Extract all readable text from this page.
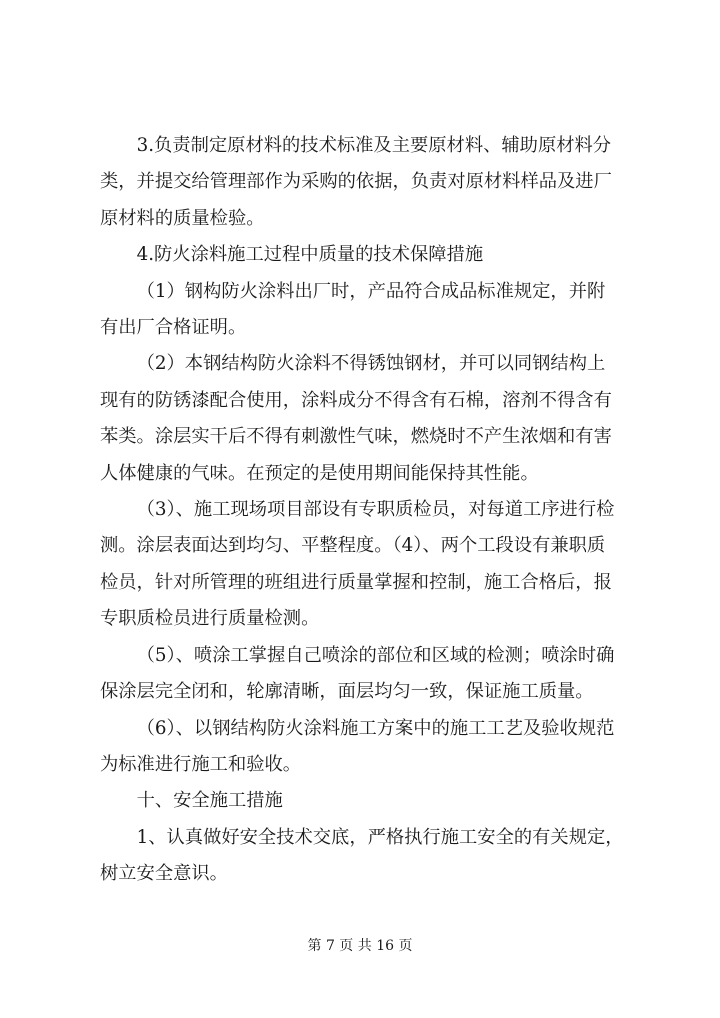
3.负责制定原材料的技术标准及主要原材料、辅助原材料分
类，并提交给管理部作为采购的依据，负责对原材料样品及进厂
原材料的质量检验。

4.防火涂料施工过程中质量的技术保障措施

（1）钢构防火涂料出厂时，产品符合成品标准规定，并附
有出厂合格证明。

（2）本钢结构防火涂料不得锈蚀钢材，并可以同钢结构上
现有的防锈漆配合使用，涂料成分不得含有石棉，溶剂不得含有
苯类。涂层实干后不得有刺激性气味，燃烧时不产生浓烟和有害
人体健康的气味。在预定的是使用期间能保持其性能。

（3）、施工现场项目部设有专职质检员，对每道工序进行检
测。涂层表面达到均匀、平整程度。（4）、两个工段设有兼职质
检员，针对所管理的班组进行质量掌握和控制，施工合格后，报
专职质检员进行质量检测。

（5）、喷涂工掌握自己喷涂的部位和区域的检测；喷涂时确
保涂层完全闭和，轮廓清晰，面层均匀一致，保证施工质量。

（6）、以钢结构防火涂料施工方案中的施工工艺及验收规范
为标准进行施工和验收。

十、安全施工措施

1、认真做好安全技术交底，严格执行施工安全的有关规定，
树立安全意识。

第 7 页 共 16 页
